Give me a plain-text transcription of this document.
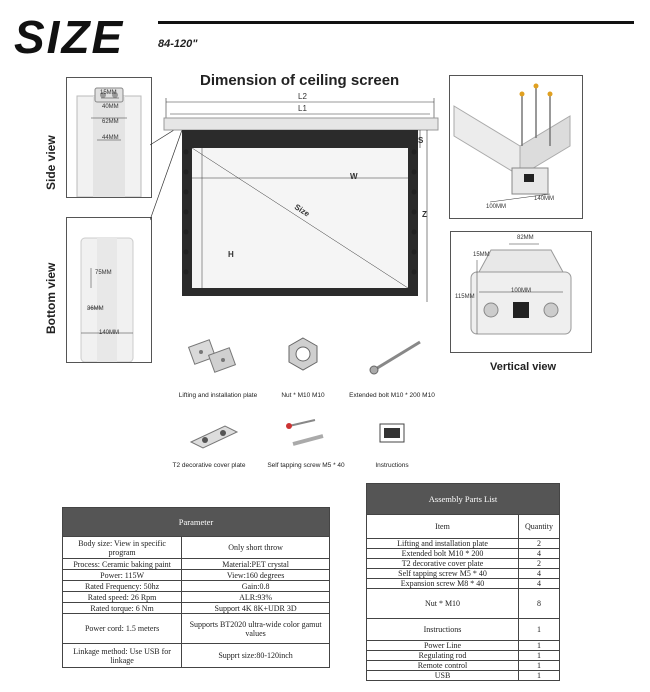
SIZE	84-120"
Dimension of ceiling screen
Side view
Bottom view
15MM
40MM
62MM
44MM
75MM
36MM
140MM
L2
L1
S
W
H
Z
Size	100MM
140MM
82MM
15MM
100MM
115MM
Vertical view
Lifting and installation plate	Nut * M10 M10	Extended bolt M10 * 200 M10
T2 decorative cover plate	Self tapping screw M5 * 40	Instructions
Parameter	
Body size: View in specific program	Only short throw
Process: Ceramic baking paint	Material:PET crystal
Power: 115W	View:160 degrees
Rated Frequency: 50hz	Gain:0.8
Rated speed: 26 Rpm	ALR:93%
Rated torque: 6 Nm	Support 4K 8K+UDR 3D
Power cord: 1.5 meters	Supports BT2020 ultra-wide color gamut values
Linkage method: Use USB for linkage	Supprt size:80-120inch
Assembly Parts List	
Item	Quantity
Lifting and installation plate	2
Extended bolt M10 * 200	4
T2 decorative cover plate	2
Self tapping screw M5 * 40	4
Expansion screw M8 * 40	4
Nut * M10	8
Instructions	1
Power Line	1
Regulating rod	1
Remote control	1
USB	1
